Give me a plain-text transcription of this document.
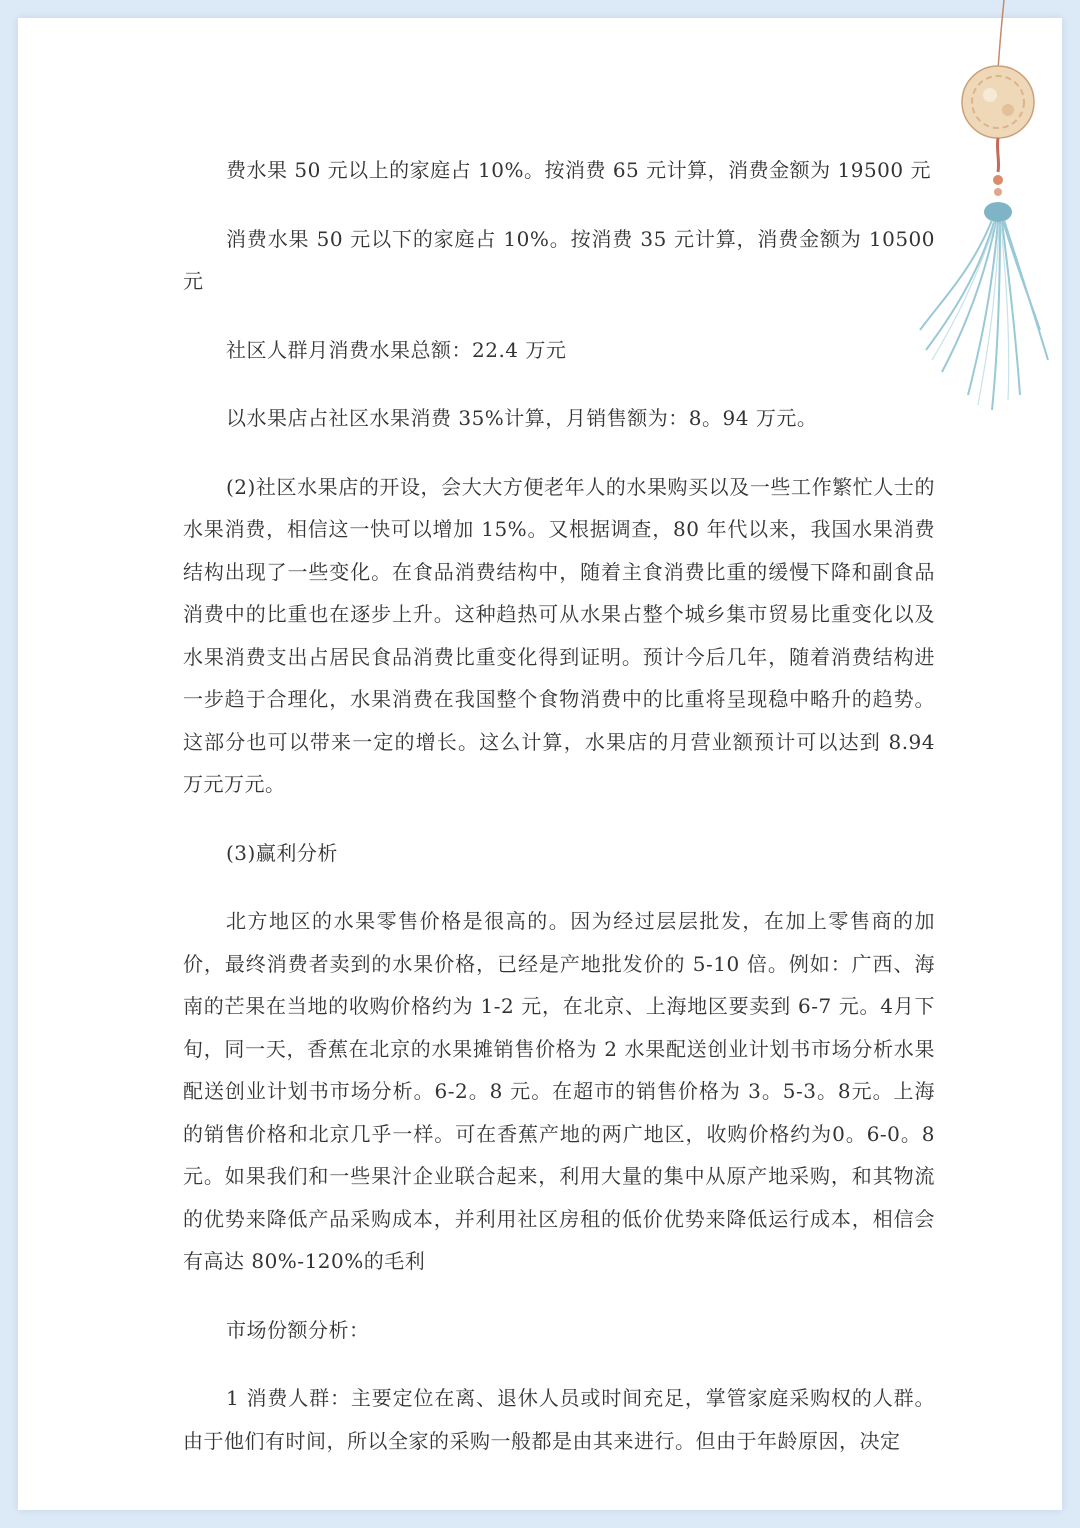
费水果 50 元以上的家庭占 10%。按消费 65 元计算，消费金额为 19500 元

消费水果 50 元以下的家庭占 10%。按消费 35 元计算，消费金额为 10500 元

社区人群月消费水果总额：22.4 万元

以水果店占社区水果消费 35%计算，月销售额为：8。94 万元。

(2)社区水果店的开设，会大大方便老年人的水果购买以及一些工作繁忙人士的水果消费，相信这一快可以增加 15%。又根据调查，80 年代以来，我国水果消费结构出现了一些变化。在食品消费结构中，随着主食消费比重的缓慢下降和副食品消费中的比重也在逐步上升。这种趋热可从水果占整个城乡集市贸易比重变化以及水果消费支出占居民食品消费比重变化得到证明。预计今后几年，随着消费结构进一步趋于合理化，水果消费在我国整个食物消费中的比重将呈现稳中略升的趋势。这部分也可以带来一定的增长。这么计算，水果店的月营业额预计可以达到 8.94 万元万元。

(3)赢利分析

北方地区的水果零售价格是很高的。因为经过层层批发，在加上零售商的加价，最终消费者卖到的水果价格，已经是产地批发价的 5-10 倍。例如：广西、海南的芒果在当地的收购价格约为 1-2 元，在北京、上海地区要卖到 6-7 元。4月下旬，同一天，香蕉在北京的水果摊销售价格为 2 水果配送创业计划书市场分析水果配送创业计划书市场分析。6-2。8 元。在超市的销售价格为 3。5-3。8元。上海的销售价格和北京几乎一样。可在香蕉产地的两广地区，收购价格约为0。6-0。8 元。如果我们和一些果汁企业联合起来，利用大量的集中从原产地采购，和其物流的优势来降低产品采购成本，并利用社区房租的低价优势来降低运行成本，相信会有高达 80%-120%的毛利

市场份额分析：

1 消费人群：主要定位在离、退休人员或时间充足，掌管家庭采购权的人群。由于他们有时间，所以全家的采购一般都是由其来进行。但由于年龄原因，决定
